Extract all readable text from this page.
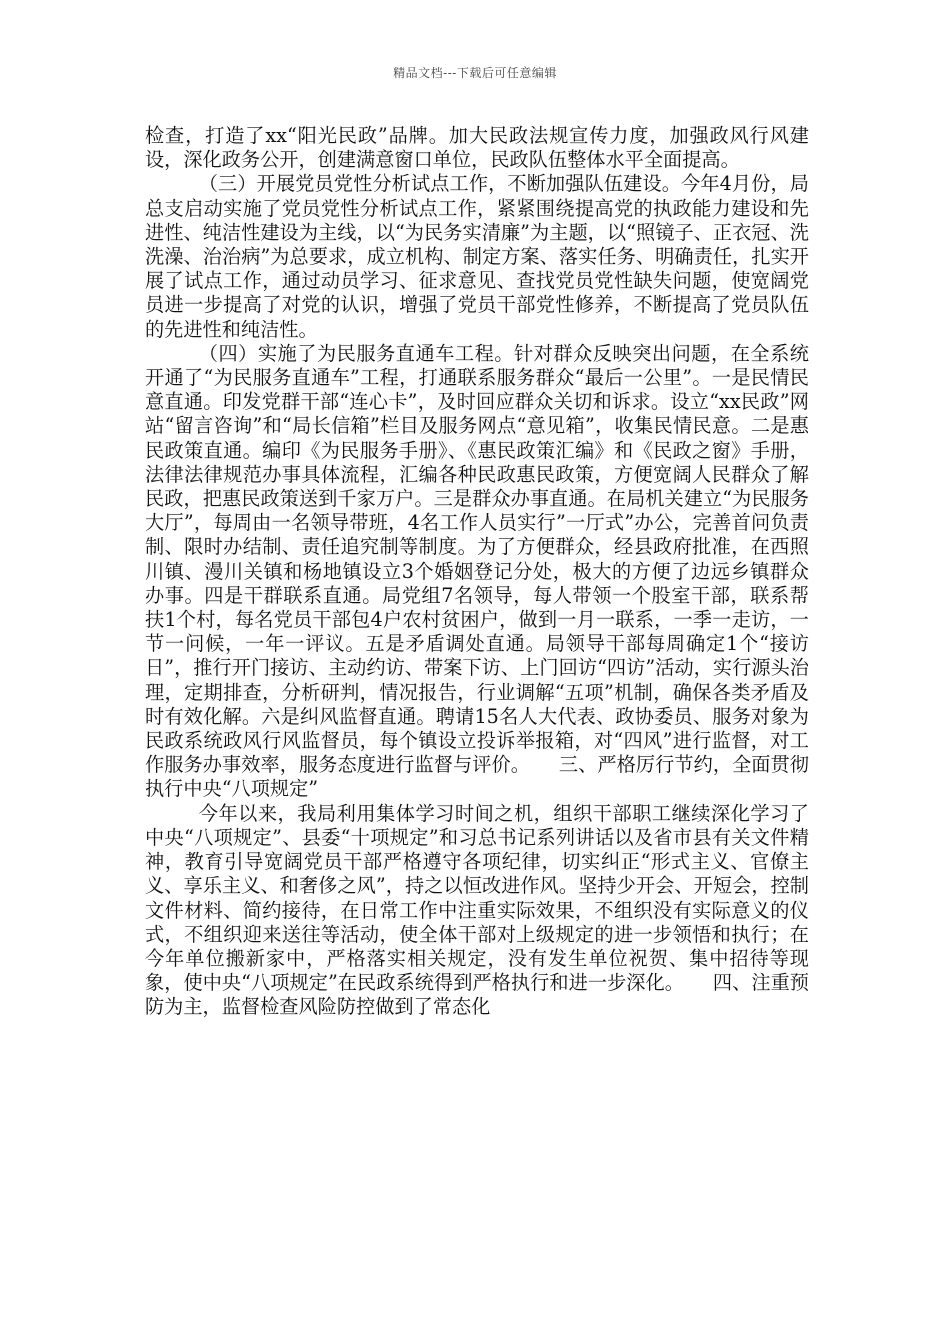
精品文档---下载后可任意编辑

检查，打造了xx“阳光民政”品牌。加大民政法规宣传力度，加强政风行风建设，深化政务公开，创建满意窗口单位，民政队伍整体水平全面提高。

（三）开展党员党性分析试点工作，不断加强队伍建设。今年4月份，局总支启动实施了党员党性分析试点工作，紧紧围绕提高党的执政能力建设和先进性、纯洁性建设为主线，以“为民务实清廉”为主题，以“照镜子、正衣冠、洗洗澡、治治病”为总要求，成立机构、制定方案、落实任务、明确责任，扎实开展了试点工作，通过动员学习、征求意见、查找党员党性缺失问题，使宽阔党员进一步提高了对党的认识，增强了党员干部党性修养，不断提高了党员队伍的先进性和纯洁性。

（四）实施了为民服务直通车工程。针对群众反映突出问题，在全系统开通了“为民服务直通车”工程，打通联系服务群众“最后一公里”。一是民情民意直通。印发党群干部“连心卡”，及时回应群众关切和诉求。设立“xx民政”网站“留言咨询”和“局长信箱”栏目及服务网点“意见箱”，收集民情民意。二是惠民政策直通。编印《为民服务手册》、《惠民政策汇编》和《民政之窗》手册，法律法律规范办事具体流程，汇编各种民政惠民政策，方便宽阔人民群众了解民政，把惠民政策送到千家万户。三是群众办事直通。在局机关建立“为民服务大厅”，每周由一名领导带班，4名工作人员实行”一厅式”办公，完善首问负责制、限时办结制、责任追究制等制度。为了方便群众，经县政府批准，在西照川镇、漫川关镇和杨地镇设立3个婚姻登记分处，极大的方便了边远乡镇群众办事。四是干群联系直通。局党组7名领导，每人带领一个股室干部，联系帮扶1个村，每名党员干部包4户农村贫困户，做到一月一联系，一季一走访，一节一问候，一年一评议。五是矛盾调处直通。局领导干部每周确定1个“接访日”，推行开门接访、主动约访、带案下访、上门回访“四访”活动，实行源头治理，定期排查，分析研判，情况报告，行业调解“五项”机制，确保各类矛盾及时有效化解。六是纠风监督直通。聘请15名人大代表、政协委员、服务对象为民政系统政风行风监督员，每个镇设立投诉举报箱，对“四风”进行监督，对工作服务办事效率，服务态度进行监督与评价。　　三、严格厉行节约，全面贯彻执行中央“八项规定”

今年以来，我局利用集体学习时间之机，组织干部职工继续深化学习了中央“八项规定”、县委“十项规定”和习总书记系列讲话以及省市县有关文件精神，教育引导宽阔党员干部严格遵守各项纪律，切实纠正“形式主义、官僚主义、享乐主义、和奢侈之风”，持之以恒改进作风。坚持少开会、开短会，控制文件材料、简约接待，在日常工作中注重实际效果，不组织没有实际意义的仪式，不组织迎来送往等活动，使全体干部对上级规定的进一步领悟和执行；在今年单位搬新家中，严格落实相关规定，没有发生单位祝贺、集中招待等现象，使中央“八项规定”在民政系统得到严格执行和进一步深化。　　四、注重预防为主，监督检查风险防控做到了常态化
